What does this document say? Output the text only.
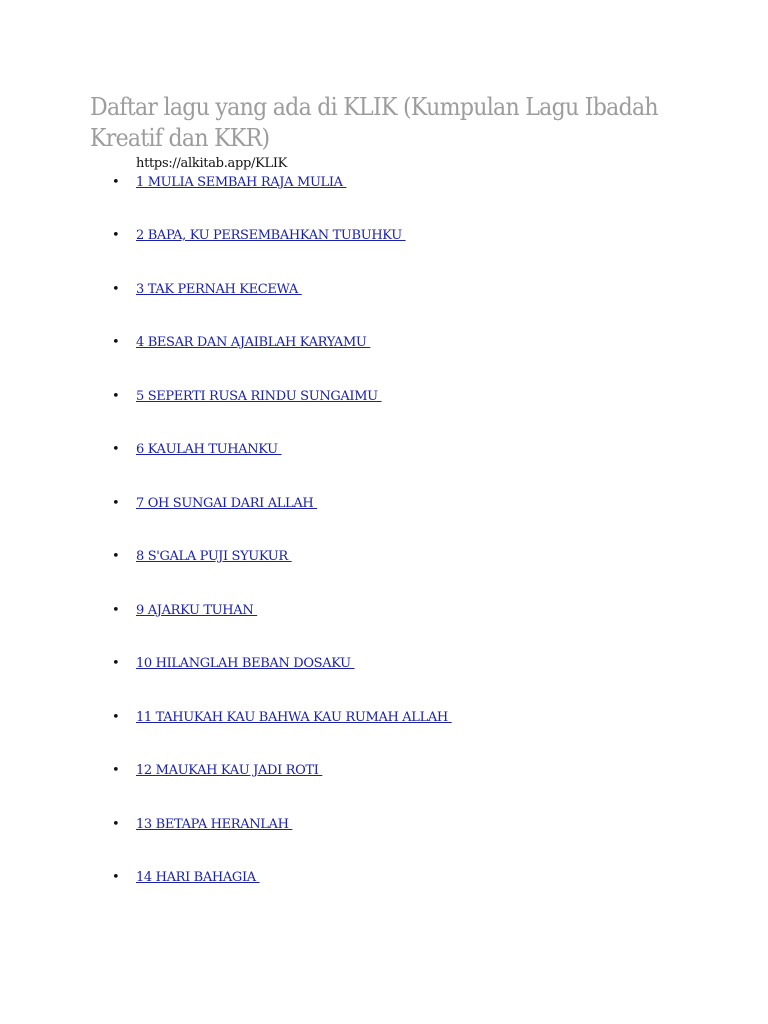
Daftar lagu yang ada di KLIK (Kumpulan Lagu Ibadah Kreatif dan KKR)
https://alkitab.app/KLIK
• 1 MULIA SEMBAH RAJA MULIA
• 2 BAPA, KU PERSEMBAHKAN TUBUHKU
• 3 TAK PERNAH KECEWA
• 4 BESAR DAN AJAIBLAH KARYAMU
• 5 SEPERTI RUSA RINDU SUNGAIMU
• 6 KAULAH TUHANKU
• 7 OH SUNGAI DARI ALLAH
• 8 S'GALA PUJI SYUKUR
• 9 AJARKU TUHAN
• 10 HILANGLAH BEBAN DOSAKU
• 11 TAHUKAH KAU BAHWA KAU RUMAH ALLAH
• 12 MAUKAH KAU JADI ROTI
• 13 BETAPA HERANLAH
• 14 HARI BAHAGIA
